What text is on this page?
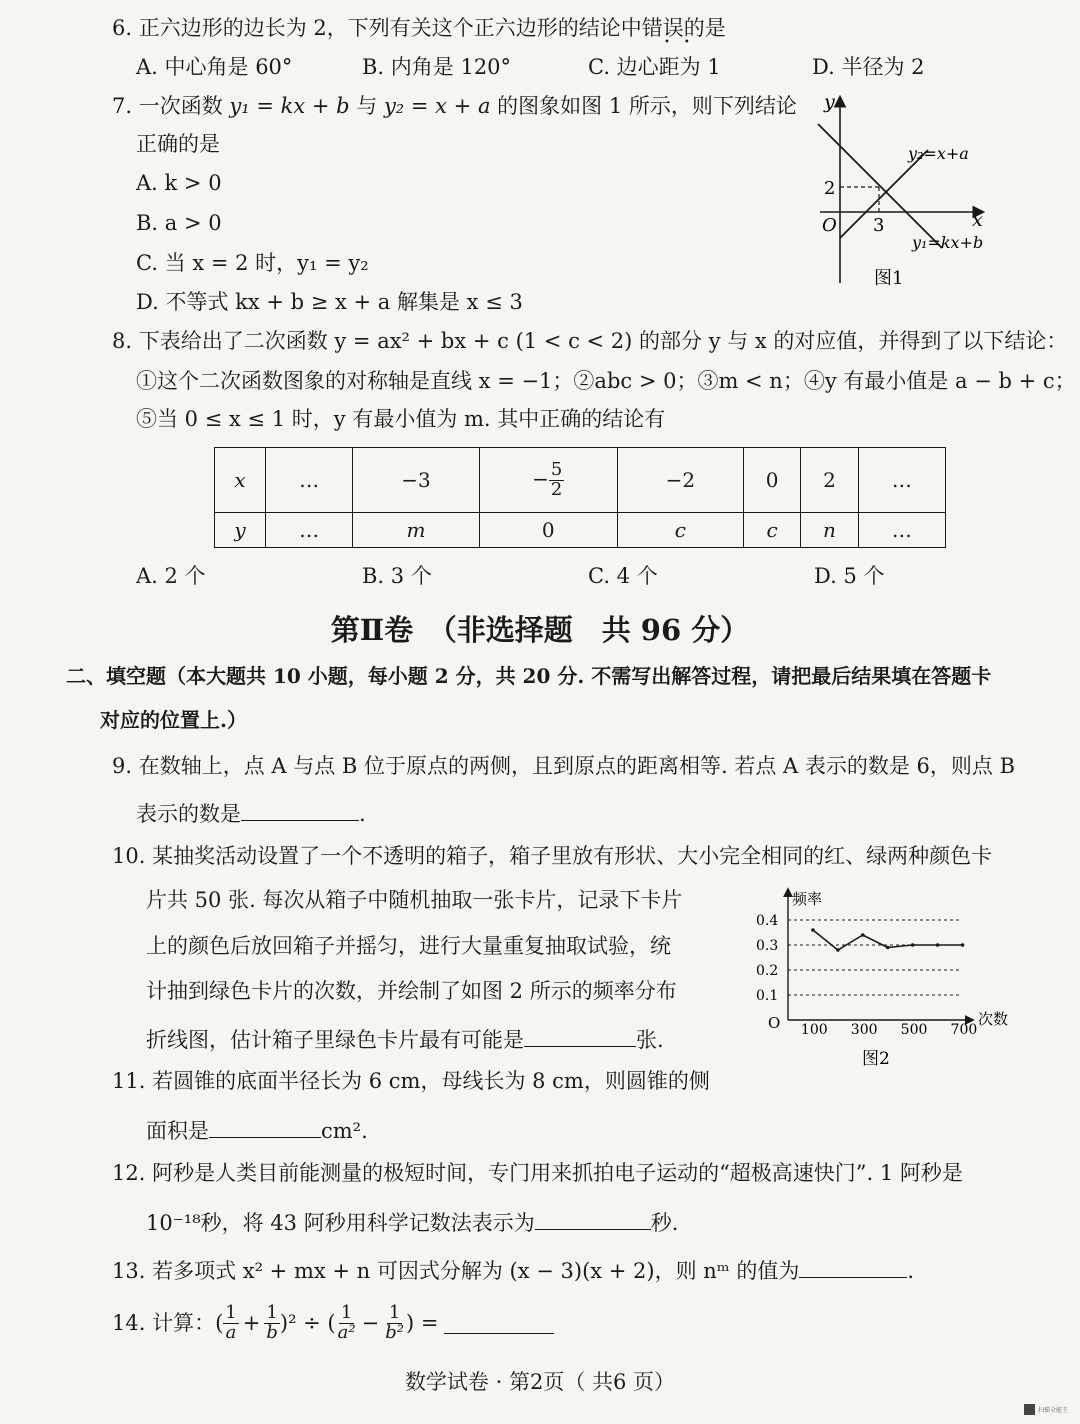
6. 正六边形的边长为 2，下列有关这个正六边形的结论中错误的是
••
A. 中心角是 60°	B. 内角是 120°	C. 边心距为 1	D. 半径为 2
7. 一次函数 y₁ = kx + b 与 y₂ = x + a 的图象如图 1 所示，则下列结论
正确的是
A. k > 0
B. a > 0
C. 当 x = 2 时，y₁ = y₂
D. 不等式 kx + b ≥ x + a 解集是 x ≤ 3
y
x
O 3
2
y₂=x+a
y₁=kx+b
图1
8. 下表给出了二次函数 y = ax² + bx + c (1 < c < 2) 的部分 y 与 x 的对应值，并得到了以下结论：
①这个二次函数图象的对称轴是直线 x = −1；②abc > 0；③m < n；④y 有最小值是 a − b + c；
⑤当 0 ≤ x ≤ 1 时，y 有最小值为 m. 其中正确的结论有
x	…	−3	− $\frac{5}{2}$	−2	0	2	…
y	…	m	0	c	c	n	…
A. 2 个	B. 3 个	C. 4 个	D. 5 个
第Ⅱ卷　（非选择题　共 96 分）
二、填空题（本大题共 10 小题，每小题 2 分，共 20 分. 不需写出解答过程，请把最后结果填在答题卡
对应的位置上.）
9. 在数轴上，点 A 与点 B 位于原点的两侧，且到原点的距离相等. 若点 A 表示的数是 6，则点 B
表示的数是	.
10. 某抽奖活动设置了一个不透明的箱子，箱子里放有形状、大小完全相同的红、绿两种颜色卡
片共 50 张. 每次从箱子中随机抽取一张卡片，记录下卡片
上的颜色后放回箱子并摇匀，进行大量重复抽取试验，统
计抽到绿色卡片的次数，并绘制了如图 2 所示的频率分布
折线图，估计箱子里绿色卡片最有可能是	张.
频率
次数
O
0.1
0.2
0.3
0.4
100 300 500 700
图2
11. 若圆锥的底面半径长为 6 cm，母线长为 8 cm，则圆锥的侧
面积是	cm².
12. 阿秒是人类目前能测量的极短时间，专门用来抓拍电子运动的“超极高速快门”. 1 阿秒是
10⁻¹⁸秒，将 43 阿秒用科学记数法表示为	秒.
13. 若多项式 x² + mx + n 可因式分解为 (x − 3)(x + 2)，则 nᵐ 的值为	.
14. 计算： ( $\frac{1}{a} + \frac{1}{b} )^2$ ÷ ( $\frac{1}{\text{a²}} - \frac{1}{\text{b²}}$ ) =
数学试卷 · 第2页（ 共6 页）
扫描全能王
